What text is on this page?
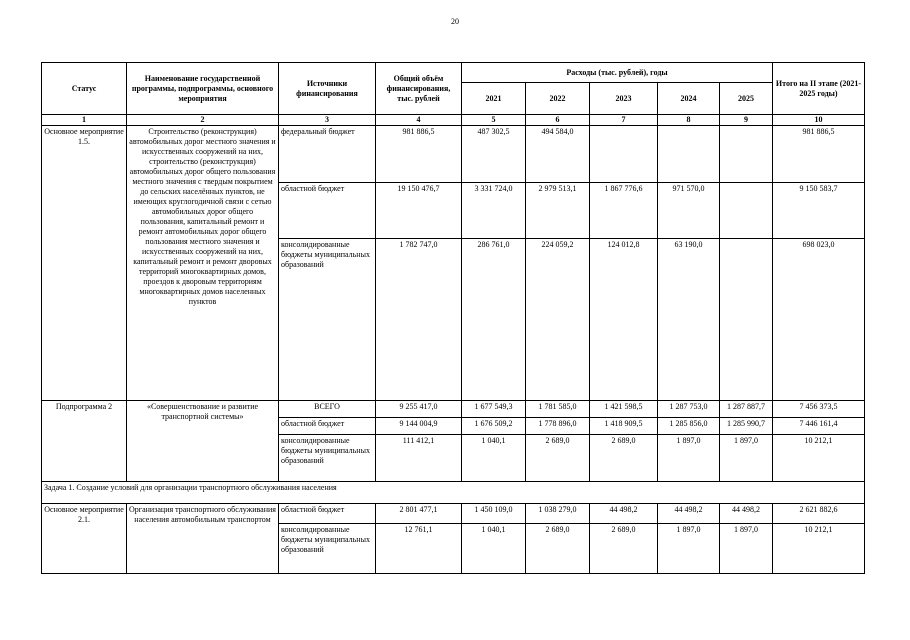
20
Статус	Наименование государственной программы, подпрограммы, основного мероприятия	Источники финансирования	Общий объём финансирования, тыс. рублей	Расходы (тыс. рублей), годы					Итого на II этапе (2021-2025 годы)
				2021	2022	2023	2024	2025	
1	2	3	4	5	6	7	8	9	10
Основное мероприятие 1.5.	Строительство (реконструкция) автомобильных дорог местного значения и искусственных сооружений на них, строительство (реконструкция) автомобильных дорог общего пользования местного значения с твердым покрытием до сельских населённых пунктов, не имеющих круглогодичной связи с сетью автомобильных дорог общего пользования, капитальный ремонт и ремонт автомобильных дорог общего пользования местного значения и искусственных сооружений на них, капитальный ремонт и ремонт дворовых территорий многоквартирных домов, проездов к дворовым территориям многоквартирных домов населенных пунктов	федеральный бюджет	981 886,5	487 302,5	494 584,0				981 886,5
		областной бюджет	19 150 476,7	3 331 724,0	2 979 513,1	1 867 776,6	971 570,0		9 150 583,7
		консолидированные бюджеты муниципальных образований	1 782 747,0	286 761,0	224 059,2	124 012,8	63 190,0		698 023,0
Подпрограмма 2	«Совершенствование и развитие транспортной системы»	ВСЕГО	9 255 417,0	1 677 549,3	1 781 585,0	1 421 598,5	1 287 753,0	1 287 887,7	7 456 373,5
		областной бюджет	9 144 004,9	1 676 509,2	1 778 896,0	1 418 909,5	1 285 856,0	1 285 990,7	7 446 161,4
		консолидированные бюджеты муниципальных образований	111 412,1	1 040,1	2 689,0	2 689,0	1 897,0	1 897,0	10 212,1
Задача 1. Создание условий для организации транспортного обслуживания населения									
Основное мероприятие 2.1.	Организация транспортного обслуживания населения автомобильным транспортом	областной бюджет	2 801 477,1	1 450 109,0	1 038 279,0	44 498,2	44 498,2	44 498,2	2 621 882,6
		консолидированные бюджеты муниципальных образований	12 761,1	1 040,1	2 689,0	2 689,0	1 897,0	1 897,0	10 212,1
